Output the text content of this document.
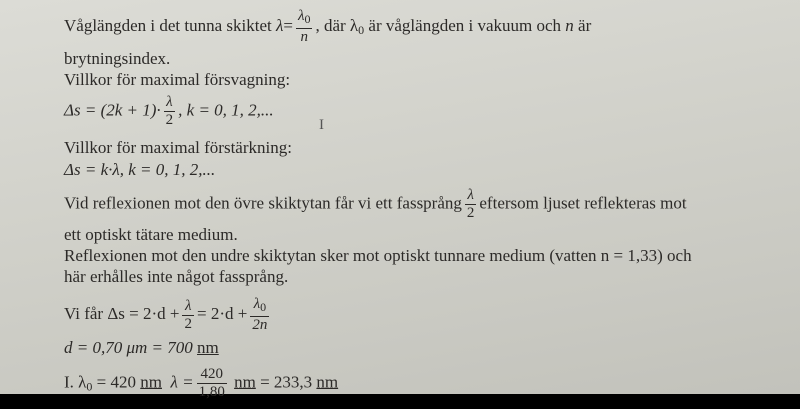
Våglängden i det tunna skiktet $\lambda= \frac{\lambda_0}{n}$ , där $\lambda_0$ är våglängden i vakuum och n är
brytningsindex.
Villkor för maximal försvagning:
$\Delta s = (2k + 1)\cdot \frac{\lambda}{2}$ , k = 0, 1, 2,...
I
Villkor för maximal förstärkning:
Δs = k·λ, k = 0, 1, 2,...
Vid reflexionen mot den övre skiktytan får vi ett fassprång $\frac{\lambda}{2}$ eftersom ljuset reflekteras mot
ett optiskt tätare medium.
Reflexionen mot den undre skiktytan sker mot optiskt tunnare medium (vatten n = 1,33) och
här erhålles inte något fassprång.
Vi får $\Delta s = 2\cdot d + \frac{\lambda}{2} = 2\cdot d + \frac{\lambda_0}{2n}$
d = 0,70 μm = 700 nm
I. $\lambda_0 = 420$ nm $\lambda = \frac{420}{1,80}$ nm = 233,3 nm
